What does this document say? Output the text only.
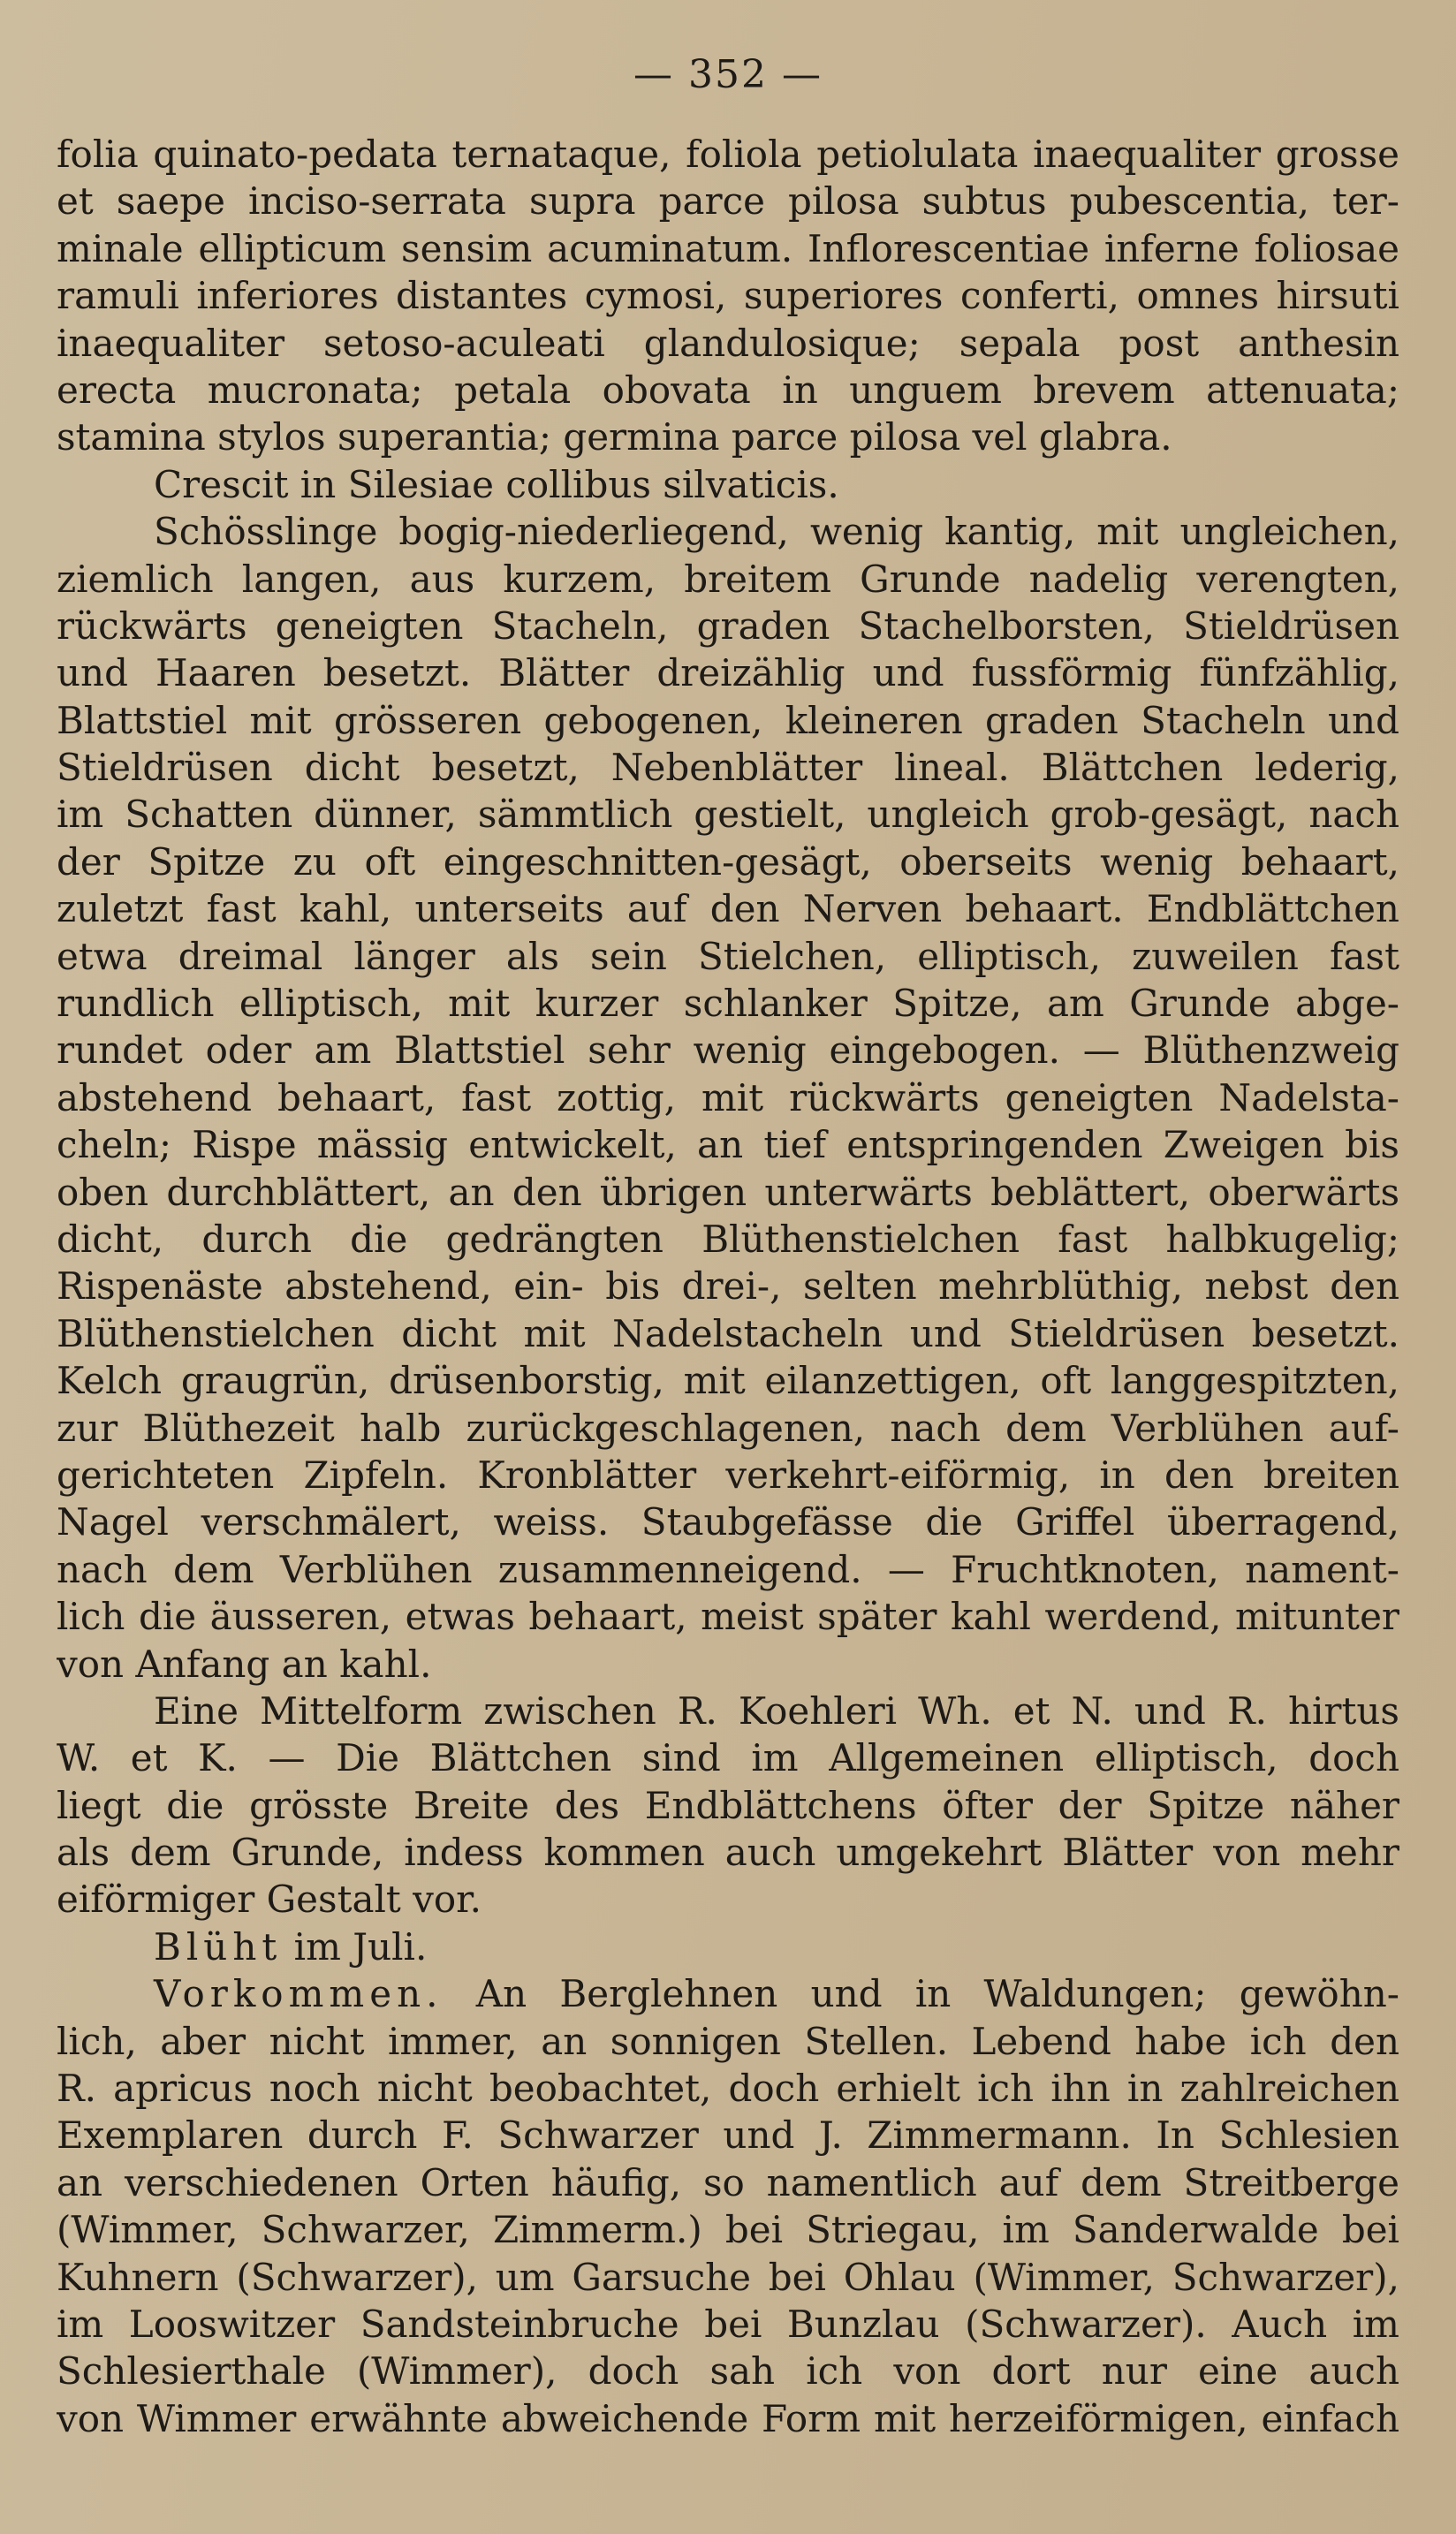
— 352 —
folia quinato-pedata ternataque, foliola petiolulata inaequaliter grosse
et saepe inciso-serrata supra parce pilosa subtus pubescentia, ter-
minale ellipticum sensim acuminatum. Inflorescentiae inferne foliosae
ramuli inferiores distantes cymosi, superiores conferti, omnes hirsuti
inaequaliter setoso-aculeati glandulosique; sepala post anthesin
erecta mucronata; petala obovata in unguem brevem attenuata;
stamina stylos superantia; germina parce pilosa vel glabra.
Crescit in Silesiae collibus silvaticis.
Schösslinge bogig-niederliegend, wenig kantig, mit ungleichen,
ziemlich langen, aus kurzem, breitem Grunde nadelig verengten,
rückwärts geneigten Stacheln, graden Stachelborsten, Stieldrüsen
und Haaren besetzt. Blätter dreizählig und fussförmig fünfzählig,
Blattstiel mit grösseren gebogenen, kleineren graden Stacheln und
Stieldrüsen dicht besetzt, Nebenblätter lineal. Blättchen lederig,
im Schatten dünner, sämmtlich gestielt, ungleich grob-gesägt, nach
der Spitze zu oft eingeschnitten-gesägt, oberseits wenig behaart,
zuletzt fast kahl, unterseits auf den Nerven behaart. Endblättchen
etwa dreimal länger als sein Stielchen, elliptisch, zuweilen fast
rundlich elliptisch, mit kurzer schlanker Spitze, am Grunde abge-
rundet oder am Blattstiel sehr wenig eingebogen. — Blüthenzweig
abstehend behaart, fast zottig, mit rückwärts geneigten Nadelsta-
cheln; Rispe mässig entwickelt, an tief entspringenden Zweigen bis
oben durchblättert, an den übrigen unterwärts beblättert, oberwärts
dicht, durch die gedrängten Blüthenstielchen fast halbkugelig;
Rispenäste abstehend, ein- bis drei-, selten mehrblüthig, nebst den
Blüthenstielchen dicht mit Nadelstacheln und Stieldrüsen besetzt.
Kelch graugrün, drüsenborstig, mit eilanzettigen, oft langgespitzten,
zur Blüthezeit halb zurückgeschlagenen, nach dem Verblühen auf-
gerichteten Zipfeln. Kronblätter verkehrt-eiförmig, in den breiten
Nagel verschmälert, weiss. Staubgefässe die Griffel überragend,
nach dem Verblühen zusammenneigend. — Fruchtknoten, nament-
lich die äusseren, etwas behaart, meist später kahl werdend, mitunter
von Anfang an kahl.
Eine Mittelform zwischen R. Koehleri Wh. et N. und R. hirtus
W. et K. — Die Blättchen sind im Allgemeinen elliptisch, doch
liegt die grösste Breite des Endblättchens öfter der Spitze näher
als dem Grunde, indess kommen auch umgekehrt Blätter von mehr
eiförmiger Gestalt vor.
Blüht im Juli.
Vorkommen. An Berglehnen und in Waldungen; gewöhn-
lich, aber nicht immer, an sonnigen Stellen. Lebend habe ich den
R. apricus noch nicht beobachtet, doch erhielt ich ihn in zahlreichen
Exemplaren durch F. Schwarzer und J. Zimmermann. In Schlesien
an verschiedenen Orten häufig, so namentlich auf dem Streitberge
(Wimmer, Schwarzer, Zimmerm.) bei Striegau, im Sanderwalde bei
Kuhnern (Schwarzer), um Garsuche bei Ohlau (Wimmer, Schwarzer),
im Looswitzer Sandsteinbruche bei Bunzlau (Schwarzer). Auch im
Schlesierthale (Wimmer), doch sah ich von dort nur eine auch
von Wimmer erwähnte abweichende Form mit herzeiförmigen, einfach
